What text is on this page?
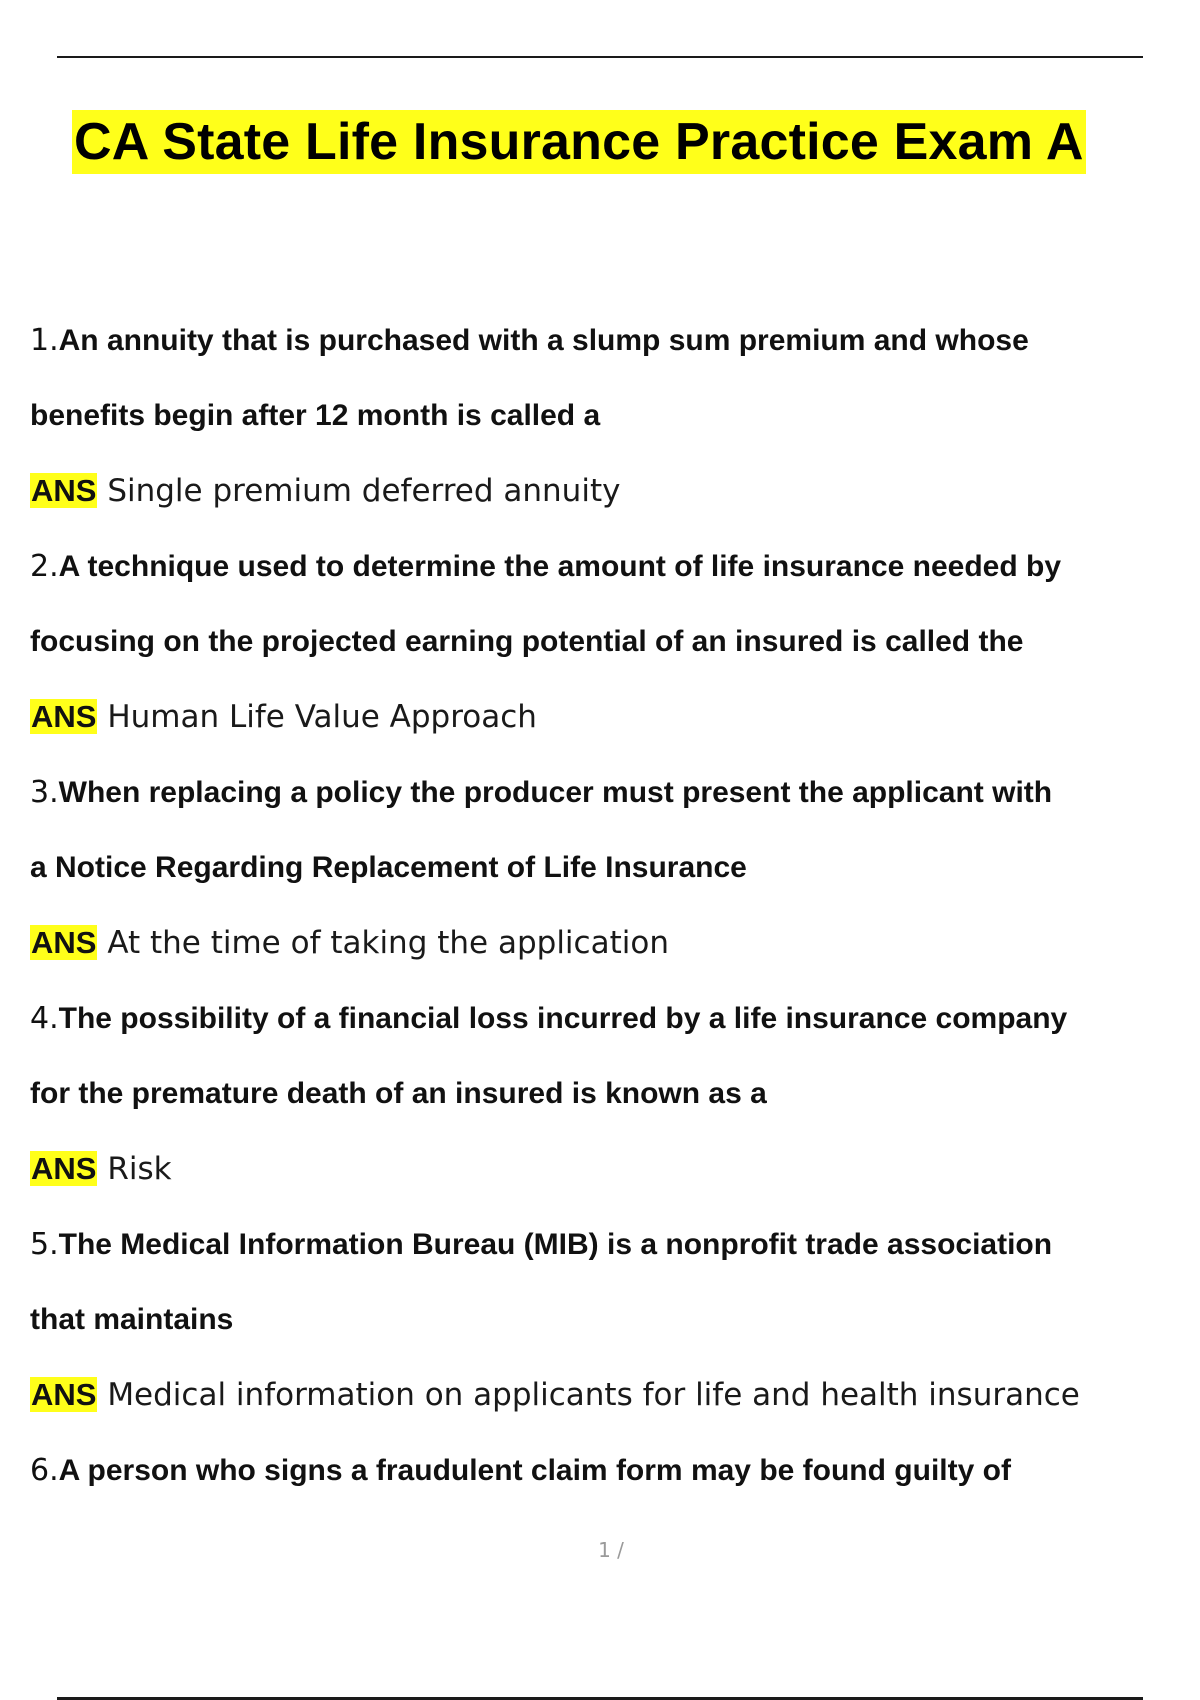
CA State Life Insurance Practice Exam A
1.An annuity that is purchased with a slump sum premium and whose
benefits begin after 12 month is called a
ANS Single premium deferred annuity
2.A technique used to determine the amount of life insurance needed by
focusing on the projected earning potential of an insured is called the
ANS Human Life Value Approach
3.When replacing a policy the producer must present the applicant with
a Notice Regarding Replacement of Life Insurance
ANS At the time of taking the application
4.The possibility of a financial loss incurred by a life insurance company
for the premature death of an insured is known as a
ANS Risk
5.The Medical Information Bureau (MIB) is a nonprofit trade association
that maintains
ANS Medical information on applicants for life and health insurance
6.A person who signs a fraudulent claim form may be found guilty of
1 /
